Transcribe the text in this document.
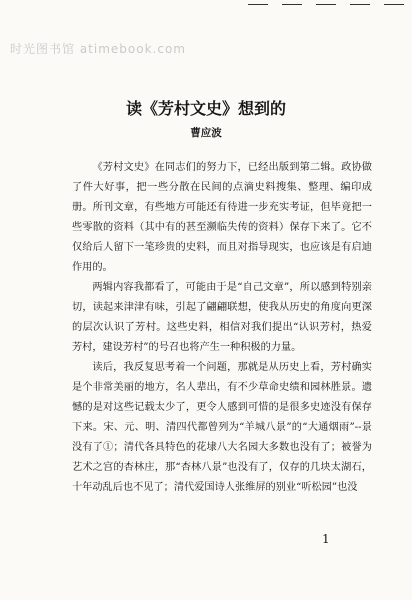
时光图书馆 atimebook.com
读《芳村文史》想到的
曹应波

《芳村文史》在同志们的努力下，已经出版到第二辑。政协做了件大好事，把一些分散在民间的点滴史料搜集、整理、编印成册。所刊文章，有些地方可能还有待进一步充实考证，但毕竟把一些零散的资料（其中有的甚至濒临失传的资料）保存下来了。它不仅给后人留下一笔珍贵的史料，而且对指导现实，也应该是有启迪作用的。

两辑内容我都看了，可能由于是“自己文章”，所以感到特别亲切，读起来津津有味，引起了翩翩联想，使我从历史的角度向更深的层次认识了芳村。这些史料，相信对我们提出“认识芳村，热爱芳村，建设芳村”的号召也将产生一种积极的力量。

读后，我反复思考着一个问题，那就是从历史上看，芳村确实是个非常美丽的地方，名人辈出，有不少草命史绩和园林胜景。遗憾的是对这些记载太少了，更令人感到可惜的是很多史迹没有保存下来。宋、元、明、清四代都曾列为“羊城八景”的“大通烟雨”--景没有了①；清代各具特色的花埭八大名园大多数也没有了；被誉为艺术之宫的杏林庄，那“杏林八景”也没有了，仅存的几块太湖石，十年动乱后也不见了；清代爱国诗人张维屏的别业“听松园”也没

1
